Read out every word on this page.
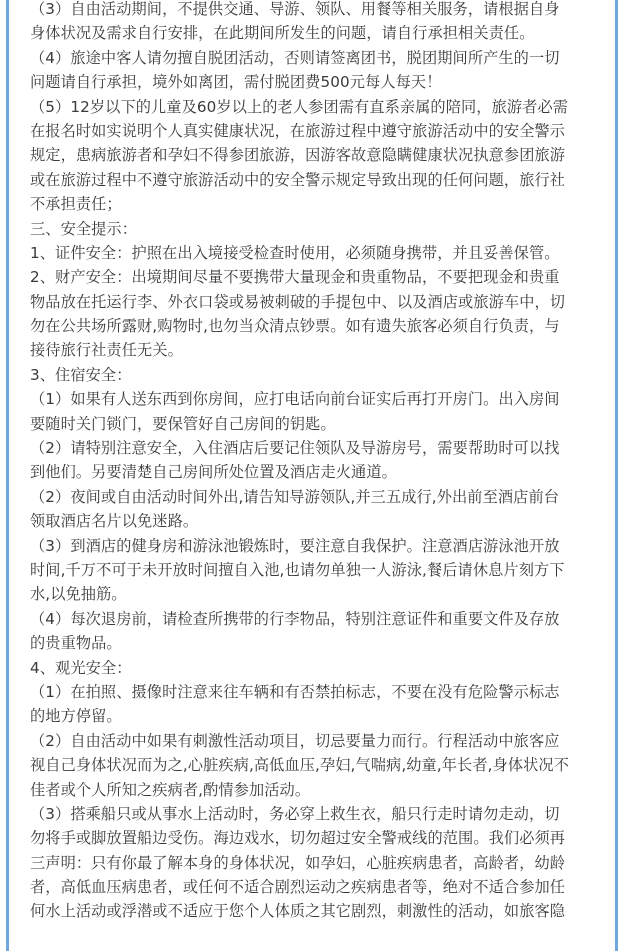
（3）自由活动期间，不提供交通、导游、领队、用餐等相关服务，请根据自身
身体状况及需求自行安排，在此期间所发生的问题，请自行承担相关责任。
（4）旅途中客人请勿擅自脱团活动，否则请签离团书，脱团期间所产生的一切
问题请自行承担，境外如离团，需付脱团费500元每人每天！
（5）12岁以下的儿童及60岁以上的老人参团需有直系亲属的陪同，旅游者必需
在报名时如实说明个人真实健康状况，在旅游过程中遵守旅游活动中的安全警示
规定，患病旅游者和孕妇不得参团旅游，因游客故意隐瞒健康状况执意参团旅游
或在旅游过程中不遵守旅游活动中的安全警示规定导致出现的任何问题，旅行社
不承担责任；
三、安全提示：
1、证件安全：护照在出入境接受检查时使用，必须随身携带，并且妥善保管。
2、财产安全：出境期间尽量不要携带大量现金和贵重物品，不要把现金和贵重
物品放在托运行李、外衣口袋或易被刺破的手提包中、以及酒店或旅游车中，切
勿在公共场所露财,购物时,也勿当众清点钞票。如有遗失旅客必须自行负责，与
接待旅行社责任无关。
3、住宿安全：
（1）如果有人送东西到你房间，应打电话向前台证实后再打开房门。出入房间
要随时关门锁门，要保管好自己房间的钥匙。
（2）请特别注意安全，入住酒店后要记住领队及导游房号，需要帮助时可以找
到他们。另要清楚自己房间所处位置及酒店走火通道。
（2）夜间或自由活动时间外出,请告知导游领队,并三五成行,外出前至酒店前台
领取酒店名片以免迷路。
（3）到酒店的健身房和游泳池锻炼时，要注意自我保护。注意酒店游泳池开放
时间,千万不可于未开放时间擅自入池,也请勿单独一人游泳,餐后请休息片刻方下
水,以免抽筋。
（4）每次退房前，请检查所携带的行李物品，特别注意证件和重要文件及存放
的贵重物品。
4、观光安全：
（1）在拍照、摄像时注意来往车辆和有否禁拍标志，不要在没有危险警示标志
的地方停留。
（2）自由活动中如果有刺激性活动项目，切忌要量力而行。行程活动中旅客应
视自己身体状况而为之,心脏疾病,高低血压,孕妇,气喘病,幼童,年长者,身体状况不
佳者或个人所知之疾病者,酌情参加活动。
（3）搭乘船只或从事水上活动时，务必穿上救生衣，船只行走时请勿走动，切
勿将手或脚放置船边受伤。海边戏水，切勿超过安全警戒线的范围。我们必须再
三声明：只有你最了解本身的身体状况，如孕妇，心脏疾病患者，高龄者，幼龄
者，高低血压病患者，或任何不适合剧烈运动之疾病患者等，绝对不适合参加任
何水上活动或浮潜或不适应于您个人体质之其它剧烈，刺激性的活动，如旅客隐
